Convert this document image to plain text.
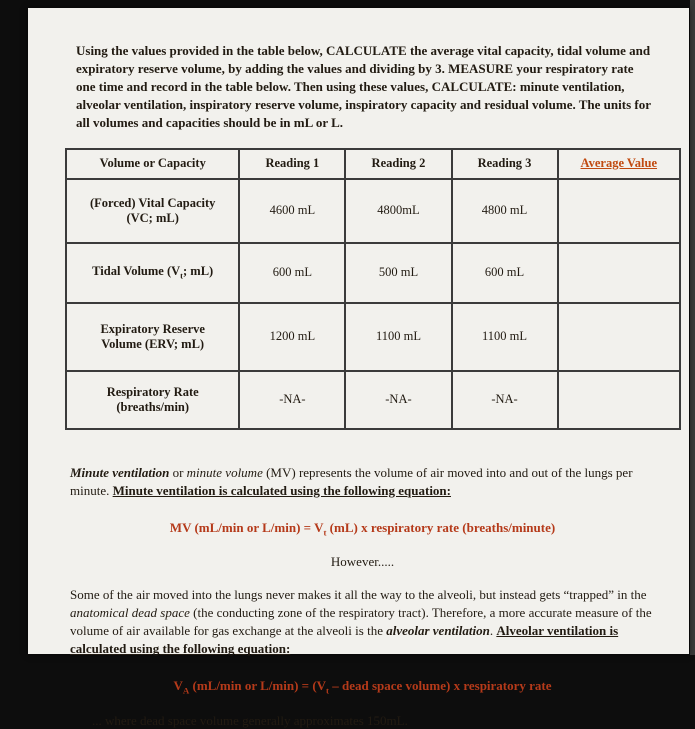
Using the values provided in the table below, CALCULATE the average vital capacity, tidal volume and expiratory reserve volume, by adding the values and dividing by 3. MEASURE your respiratory rate one time and record in the table below. Then using these values, CALCULATE: minute ventilation, alveolar ventilation, inspiratory reserve volume, inspiratory capacity and residual volume. The units for all volumes and capacities should be in mL or L.

Volume or Capacity	Reading 1	Reading 2	Reading 3	Average Value

(Forced) Vital Capacity
(VC; mL)	4600 mL	4800mL	4800 mL	
Tidal Volume ($V_t$; mL)	600 mL	500 mL	600 mL	

Expiratory Reserve
Volume (ERV; mL)	1200 mL	1100 mL	1100 mL	

Respiratory Rate
(breaths/min)	-NA-	-NA-	-NA-	

Minute ventilation or minute volume (MV) represents the volume of air moved into and out of the lungs per minute. Minute ventilation is calculated using the following equation:

MV (mL/min or $L/\min) = V_t$ (mL) x respiratory rate (breaths/minute)
However.....

Some of the air moved into the lungs never makes it all the way to the alveoli, but instead gets “trapped” in the anatomical dead space (the conducting zone of the respiratory tract). Therefore, a more accurate measure of the volume of air available for gas exchange at the alveoli is the alveolar ventilation. Alveolar ventilation is calculated using the following equation:

$V_A$ (mL/min or $L/\min) = (V_t$ – dead space volume) x respiratory rate
... where dead space volume generally approximates 150mL.
